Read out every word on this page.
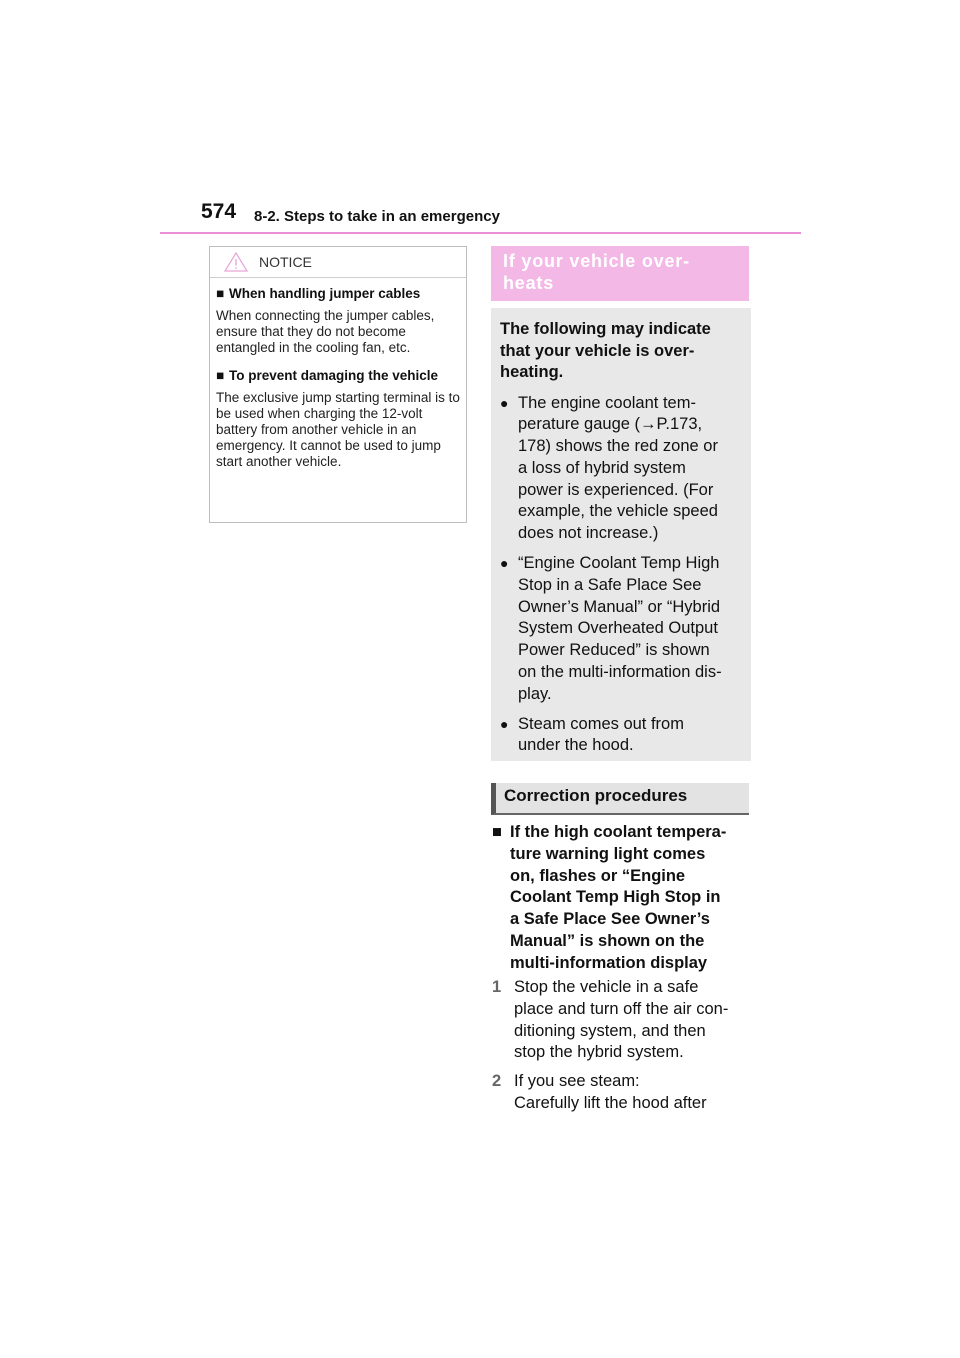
574 8-2. Steps to take in an emergency
NOTICE
■ When handling jumper cables
When connecting the jumper cables, ensure that they do not become entangled in the cooling fan, etc.
■ To prevent damaging the vehicle
The exclusive jump starting terminal is to be used when charging the 12-volt battery from another vehicle in an emergency. It cannot be used to jump start another vehicle.
If your vehicle over-
heats
The following may indicate
that your vehicle is over-
heating.
● The engine coolant tem-
perature gauge (→P.173,
178) shows the red zone or
a loss of hybrid system
power is experienced. (For
example, the vehicle speed
does not increase.)
● “Engine Coolant Temp High
Stop in a Safe Place See
Owner’s Manual” or “Hybrid
System Overheated Output
Power Reduced” is shown
on the multi-information dis-
play.
● Steam comes out from
under the hood.
Correction procedures
■ If the high coolant tempera-
ture warning light comes
on, flashes or “Engine
Coolant Temp High Stop in
a Safe Place See Owner’s
Manual” is shown on the
multi-information display
1 Stop the vehicle in a safe
place and turn off the air con-
ditioning system, and then
stop the hybrid system.
2 If you see steam:
Carefully lift the hood after
